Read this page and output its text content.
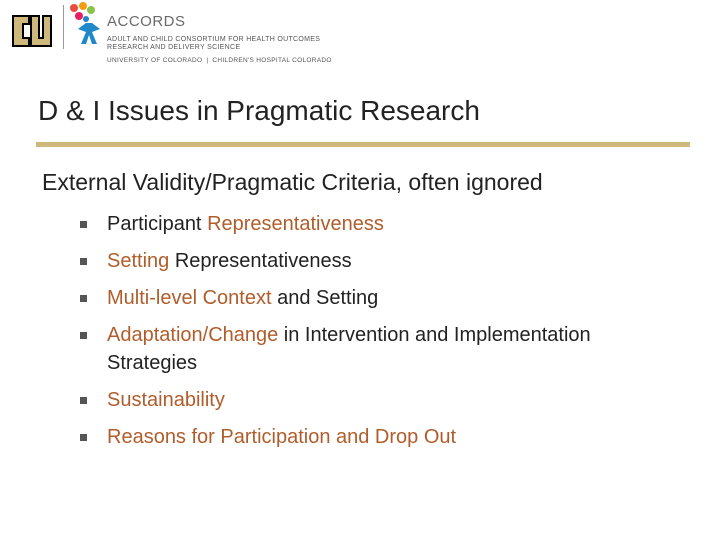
ACCORDS
ADULT AND CHILD CONSORTIUM FOR HEALTH OUTCOMES
RESEARCH AND DELIVERY SCIENCE
UNIVERSITY OF COLORADO | CHILDREN'S HOSPITAL COLORADO
D & I Issues in Pragmatic Research
External Validity/Pragmatic Criteria, often ignored
Participant Representativeness
Setting Representativeness
Multi-level Context and Setting
Adaptation/Change in Intervention and Implementation
Strategies
Sustainability
Reasons for Participation and Drop Out
